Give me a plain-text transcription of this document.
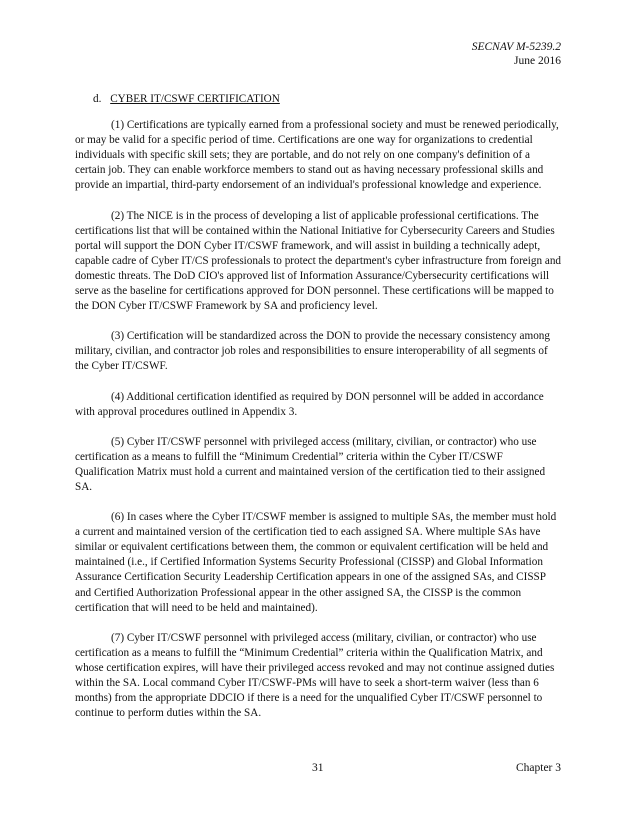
SECNAV M-5239.2
June 2016
d. CYBER IT/CSWF CERTIFICATION

(1) Certifications are typically earned from a professional society and must be renewed periodically, or may be valid for a specific period of time. Certifications are one way for organizations to credential individuals with specific skill sets; they are portable, and do not rely on one company's definition of a certain job. They can enable workforce members to stand out as having necessary professional skills and provide an impartial, third-party endorsement of an individual's professional knowledge and experience.

(2) The NICE is in the process of developing a list of applicable professional certifications. The certifications list that will be contained within the National Initiative for Cybersecurity Careers and Studies portal will support the DON Cyber IT/CSWF framework, and will assist in building a technically adept, capable cadre of Cyber IT/CS professionals to protect the department's cyber infrastructure from foreign and domestic threats. The DoD CIO's approved list of Information Assurance/Cybersecurity certifications will serve as the baseline for certifications approved for DON personnel. These certifications will be mapped to the DON Cyber IT/CSWF Framework by SA and proficiency level.

(3) Certification will be standardized across the DON to provide the necessary consistency among military, civilian, and contractor job roles and responsibilities to ensure interoperability of all segments of the Cyber IT/CSWF.

(4) Additional certification identified as required by DON personnel will be added in accordance with approval procedures outlined in Appendix 3.

(5) Cyber IT/CSWF personnel with privileged access (military, civilian, or contractor) who use certification as a means to fulfill the “Minimum Credential” criteria within the Cyber IT/CSWF Qualification Matrix must hold a current and maintained version of the certification tied to their assigned SA.

(6) In cases where the Cyber IT/CSWF member is assigned to multiple SAs, the member must hold a current and maintained version of the certification tied to each assigned SA. Where multiple SAs have similar or equivalent certifications between them, the common or equivalent certification will be held and maintained (i.e., if Certified Information Systems Security Professional (CISSP) and Global Information Assurance Certification Security Leadership Certification appears in one of the assigned SAs, and CISSP and Certified Authorization Professional appear in the other assigned SA, the CISSP is the common certification that will need to be held and maintained).

(7) Cyber IT/CSWF personnel with privileged access (military, civilian, or contractor) who use certification as a means to fulfill the “Minimum Credential” criteria within the Qualification Matrix, and whose certification expires, will have their privileged access revoked and may not continue assigned duties within the SA. Local command Cyber IT/CSWF-PMs will have to seek a short-term waiver (less than 6 months) from the appropriate DDCIO if there is a need for the unqualified Cyber IT/CSWF personnel to continue to perform duties within the SA.

31	Chapter 3
